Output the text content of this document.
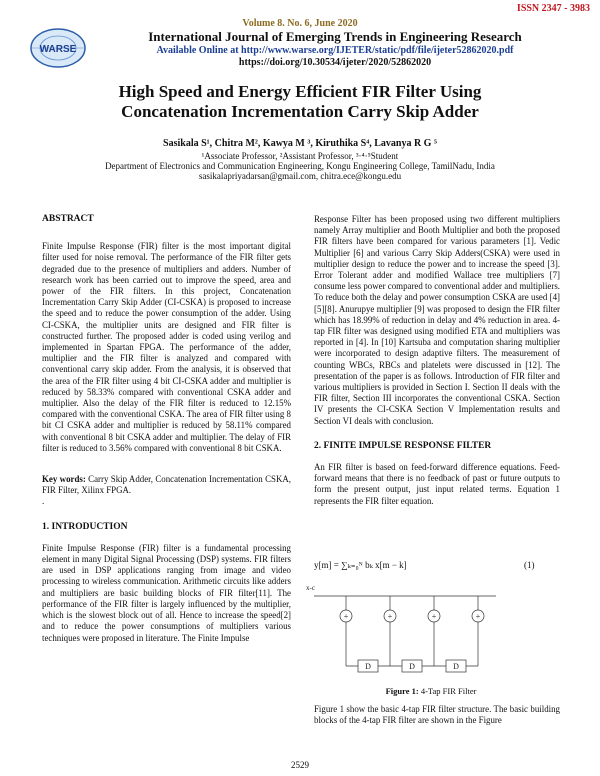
ISSN 2347 - 3983
Volume 8. No. 6, June 2020
WARSE
International Journal of Emerging Trends in Engineering Research
Available Online at http://www.warse.org/IJETER/static/pdf/file/ijeter52862020.pdf
https://doi.org/10.30534/ijeter/2020/52862020
High Speed and Energy Efficient FIR Filter Using
Concatenation Incrementation Carry Skip Adder
Sasikala S¹, Chitra M², Kawya M ³, Kiruthika S⁴, Lavanya R G ⁵
¹Associate Professor, ²Assistant Professor, ³·⁴·⁵Student
Department of Electronics and Communication Engineering, Kongu Engineering College, TamilNadu, India
sasikalapriyadarsan@gmail.com, chitra.ece@kongu.edu

ABSTRACT

Finite Impulse Response (FIR) filter is the most important digital filter used for noise removal. The performance of the FIR filter gets degraded due to the presence of multipliers and adders. Number of research work has been carried out to improve the speed, area and power of the FIR filters. In this project, Concatenation Incrementation Carry Skip Adder (CI-CSKA) is proposed to increase the speed and to reduce the power consumption of the adder. Using CI-CSKA, the multiplier units are designed and FIR filter is constructed further. The proposed adder is coded using verilog and implemented in Spartan FPGA. The performance of the adder, multiplier and the FIR filter is analyzed and compared with conventional carry skip adder. From the analysis, it is observed that the area of the FIR filter using 4 bit CI-CSKA adder and multiplier is reduced by 58.33% compared with conventional CSKA adder and multiplier. Also the delay of the FIR filter is reduced to 12.15% compared with the conventional CSKA. The area of FIR filter using 8 bit CI CSKA adder and multiplier is reduced by 58.11% compared with conventional 8 bit CSKA adder and multiplier. The delay of FIR filter is reduced to 3.56% compared with conventional 8 bit CSKA.

Key words: Carry Skip Adder, Concatenation Incrementation CSKA, FIR Filter, Xilinx FPGA.

.

1. INTRODUCTION

Finite Impulse Response (FIR) filter is a fundamental processing element in many Digital Signal Processing (DSP) systems. FIR filters are used in DSP applications ranging from image and video processing to wireless communication. Arithmetic circuits like adders and multipliers are basic building blocks of FIR filter[11]. The performance of the FIR filter is largely influenced by the multiplier, which is the slowest block out of all. Hence to increase the speed[2] and to reduce the power consumptions of multipliers various techniques were proposed in literature. The Finite Impulse

Response Filter has been proposed using two different multipliers namely Array multiplier and Booth Multiplier and both the proposed FIR filters have been compared for various parameters [1]. Vedic Multiplier [6] and various Carry Skip Adders(CSKA) were used in multiplier design to reduce the power and to increase the speed [3]. Error Tolerant adder and modified Wallace tree multipliers [7] consume less power compared to conventional adder and multipliers. To reduce both the delay and power consumption CSKA are used [4][5][8]. Anurupye multiplier [9] was proposed to design the FIR filter which has 18.99% of reduction in delay and 4% reduction in area. 4-tap FIR filter was designed using modified ETA and multipliers was reported in [4]. In [10] Kartsuba and computation sharing multiplier were incorporated to design adaptive filters. The measurement of counting WBCs, RBCs and platelets were discussed in [12]. The presentation of the paper is as follows. Introduction of FIR filter and various multipliers is provided in Section I. Section II deals with the FIR filter, Section III incorporates the conventional CSKA. Section IV presents the CI-CSKA Section V Implementation results and Section VI deals with conclusion.

2. FINITE IMPULSE RESPONSE FILTER

An FIR filter is based on feed-forward difference equations. Feed-forward means that there is no feedback of past or future outputs to form the present output, just input related terms. Equation 1 represents the FIR filter equation.

y[m] = ∑ₖ₌₀ᴺ bₖ x[m − k]	(1)
x-c
+	+	+	+
D	D	D
Figure 1: 4-Tap FIR Filter
Figure 1 show the basic 4-tap FIR filter structure. The basic building blocks of the 4-tap FIR filter are shown in the Figure
2529
